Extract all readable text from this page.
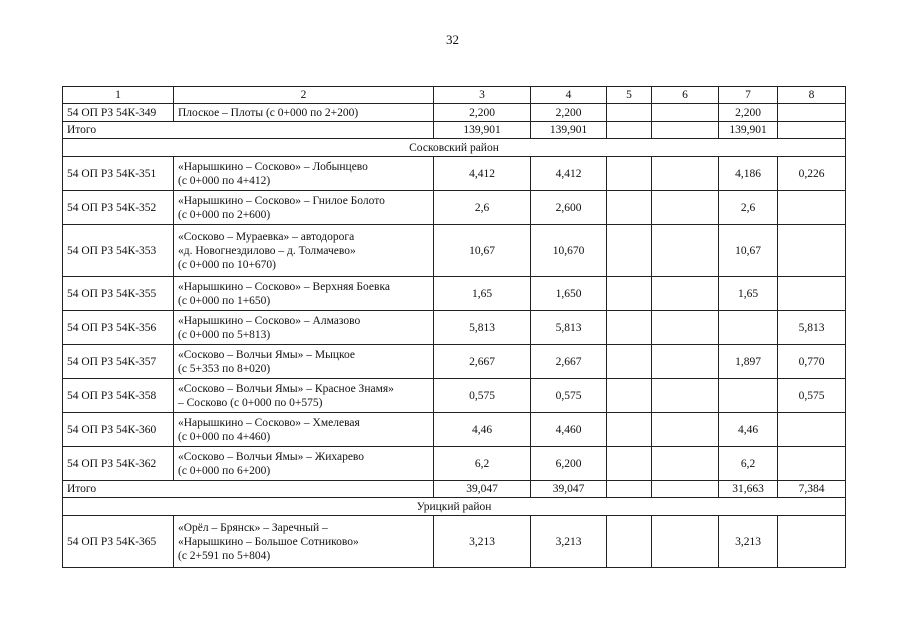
32
1	2	3	4	5	6	7	8
54 ОП РЗ 54К-349	Плоское – Плоты (с 0+000 по 2+200)	2,200	2,200			2,200	
Итого		139,901	139,901			139,901	
Сосковский район							
54 ОП РЗ 54К-351	«Нарышкино – Сосково» – Лобынцево
(с 0+000 по 4+412)	4,412	4,412			4,186	0,226
54 ОП РЗ 54К-352	«Нарышкино – Сосково» – Гнилое Болото
(с 0+000 по 2+600)	2,6	2,600			2,6	
54 ОП РЗ 54К-353	«Сосково – Мураевка» – автодорога
«д. Новогнездилово – д. Толмачево»
(с 0+000 по 10+670)	10,67	10,670			10,67	
54 ОП РЗ 54К-355	«Нарышкино – Сосково» – Верхняя Боевка
(с 0+000 по 1+650)	1,65	1,650			1,65	
54 ОП РЗ 54К-356	«Нарышкино – Сосково» – Алмазово
(с 0+000 по 5+813)	5,813	5,813				5,813
54 ОП РЗ 54К-357	«Сосково – Волчьи Ямы» – Мыцкое
(с 5+353 по 8+020)	2,667	2,667			1,897	0,770
54 ОП РЗ 54К-358	«Сосково – Волчьи Ямы» – Красное Знамя»
– Сосково (с 0+000 по 0+575)	0,575	0,575				0,575
54 ОП РЗ 54К-360	«Нарышкино – Сосково» – Хмелевая
(с 0+000 по 4+460)	4,46	4,460			4,46	
54 ОП РЗ 54К-362	«Сосково – Волчьи Ямы» – Жихарево
(с 0+000 по 6+200)	6,2	6,200			6,2	
Итого		39,047	39,047			31,663	7,384
Урицкий район							
54 ОП РЗ 54К-365	«Орёл – Брянск» – Заречный –
«Нарышкино – Большое Сотниково»
(с 2+591 по 5+804)	3,213	3,213			3,213	
